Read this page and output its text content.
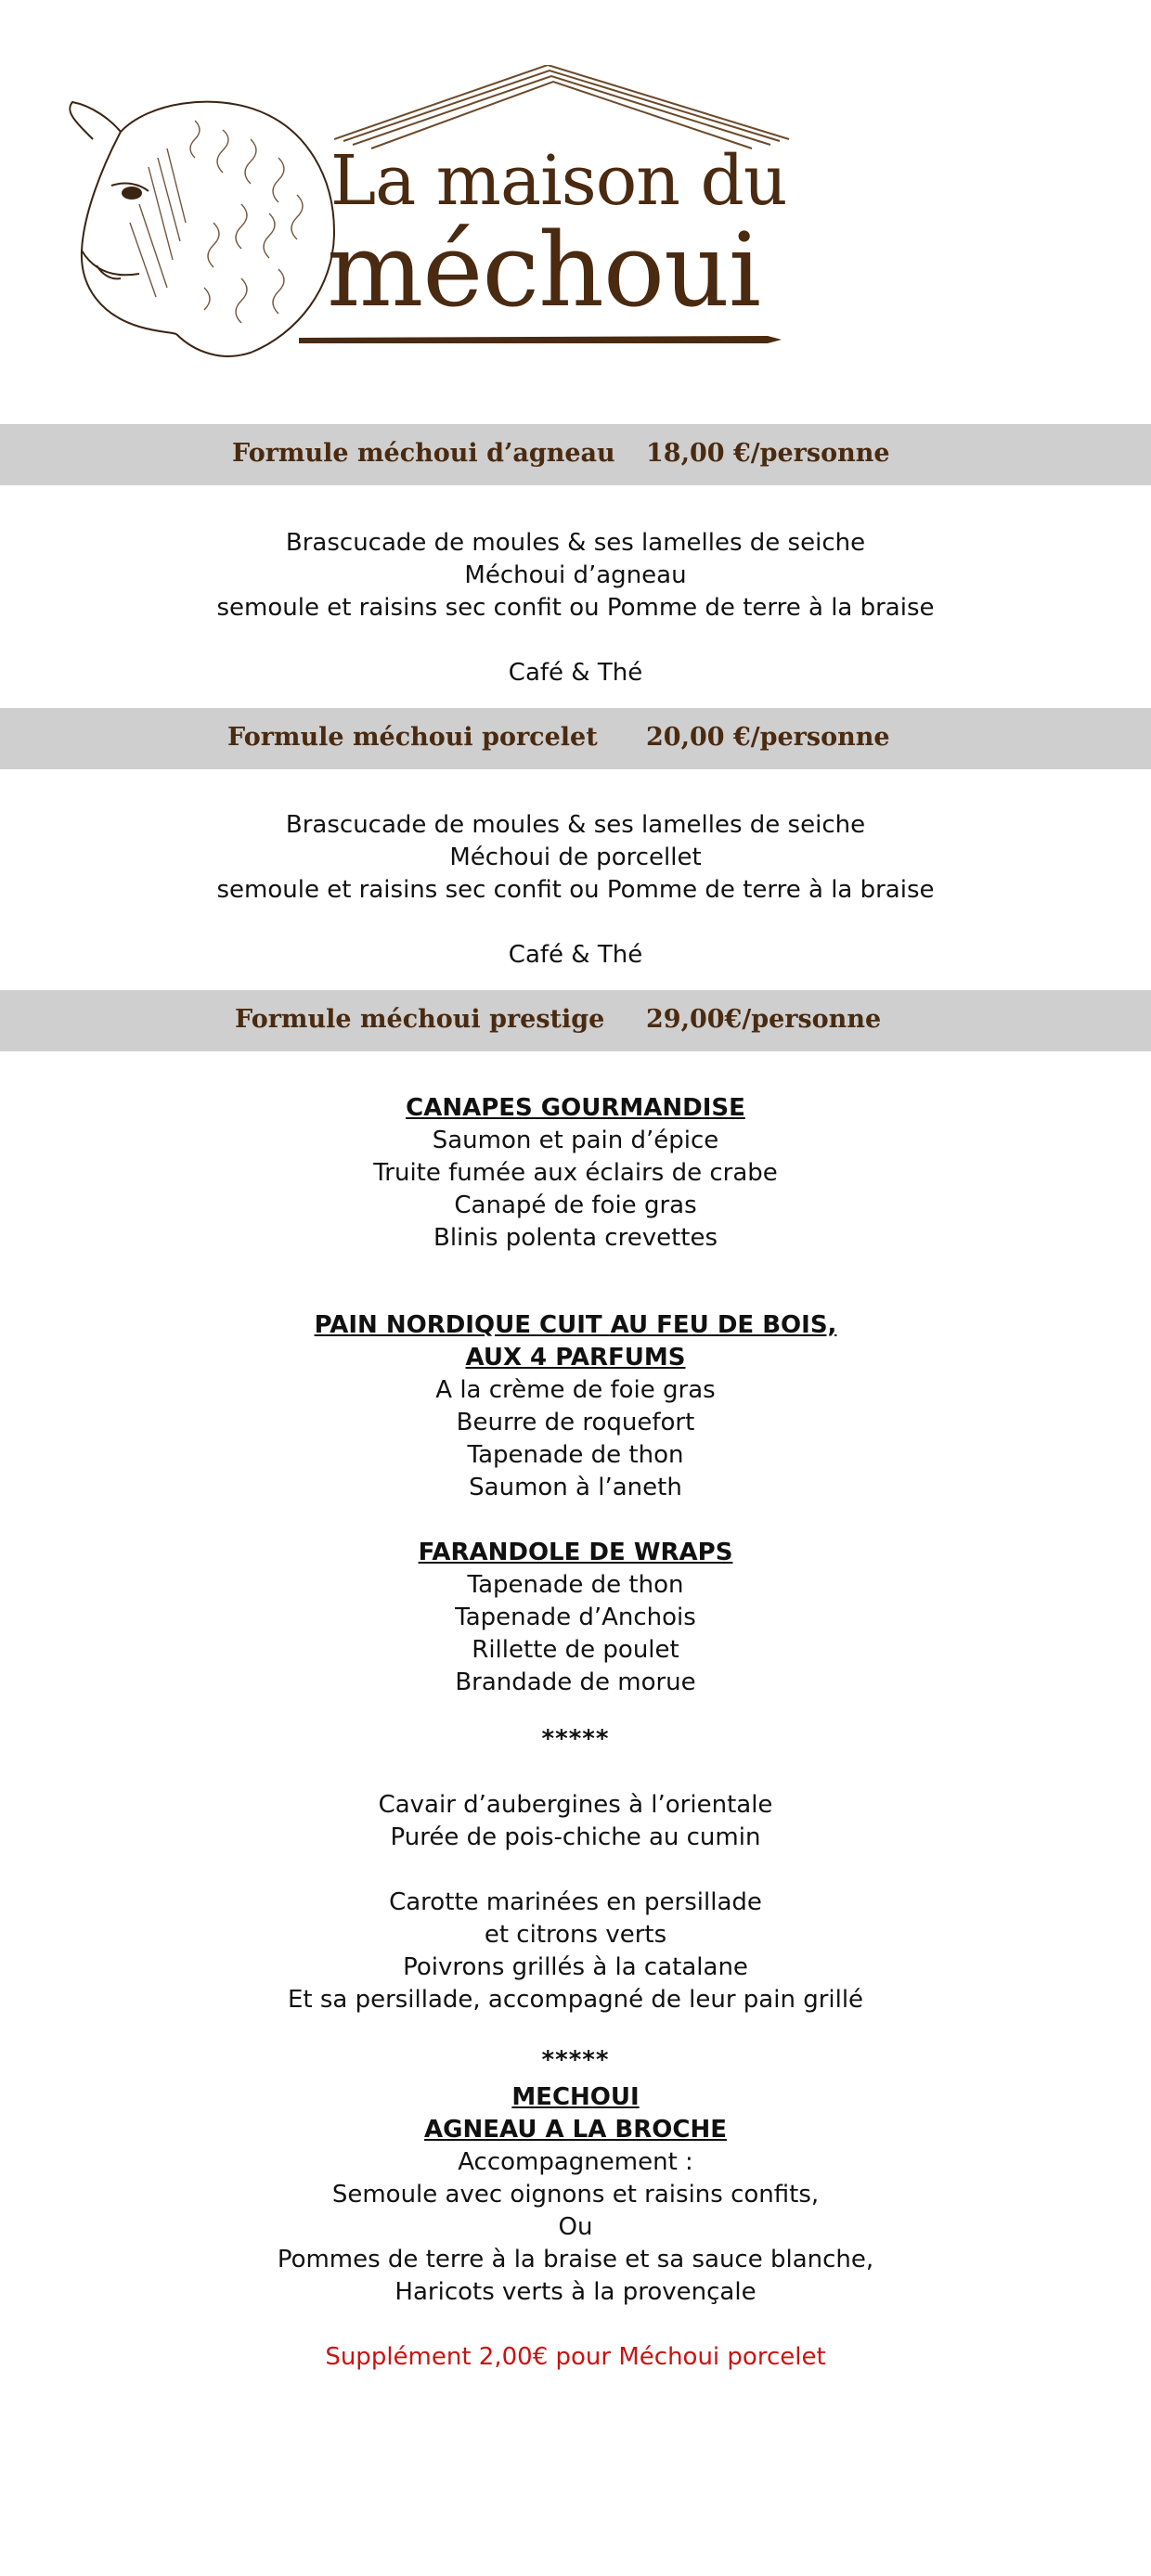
La maison du
méchoui
Formule méchoui d’agneau 18,00 €/personne
Brascucade de moules & ses lamelles de seiche
Méchoui d’agneau
semoule et raisins sec confit ou Pomme de terre à la braise

Café & Thé
Formule méchoui porcelet 20,00 €/personne
Brascucade de moules & ses lamelles de seiche
Méchoui de porcellet
semoule et raisins sec confit ou Pomme de terre à la braise

Café & Thé
Formule méchoui prestige 29,00€/personne
CANAPES GOURMANDISE
Saumon et pain d’épice
Truite fumée aux éclairs de crabe
Canapé de foie gras
Blinis polenta crevettes
PAIN NORDIQUE CUIT AU FEU DE BOIS,
AUX 4 PARFUMS
A la crème de foie gras
Beurre de roquefort
Tapenade de thon
Saumon à l’aneth
FARANDOLE DE WRAPS
Tapenade de thon
Tapenade d’Anchois
Rillette de poulet
Brandade de morue
*****
Cavair d’aubergines à l’orientale
Purée de pois-chiche au cumin
Carotte marinées en persillade
et citrons verts
Poivrons grillés à la catalane
Et sa persillade, accompagné de leur pain grillé
*****
MECHOUI
AGNEAU A LA BROCHE
Accompagnement :
Semoule avec oignons et raisins confits,
Ou
Pommes de terre à la braise et sa sauce blanche,
Haricots verts à la provençale
Supplément 2,00€ pour Méchoui porcelet
